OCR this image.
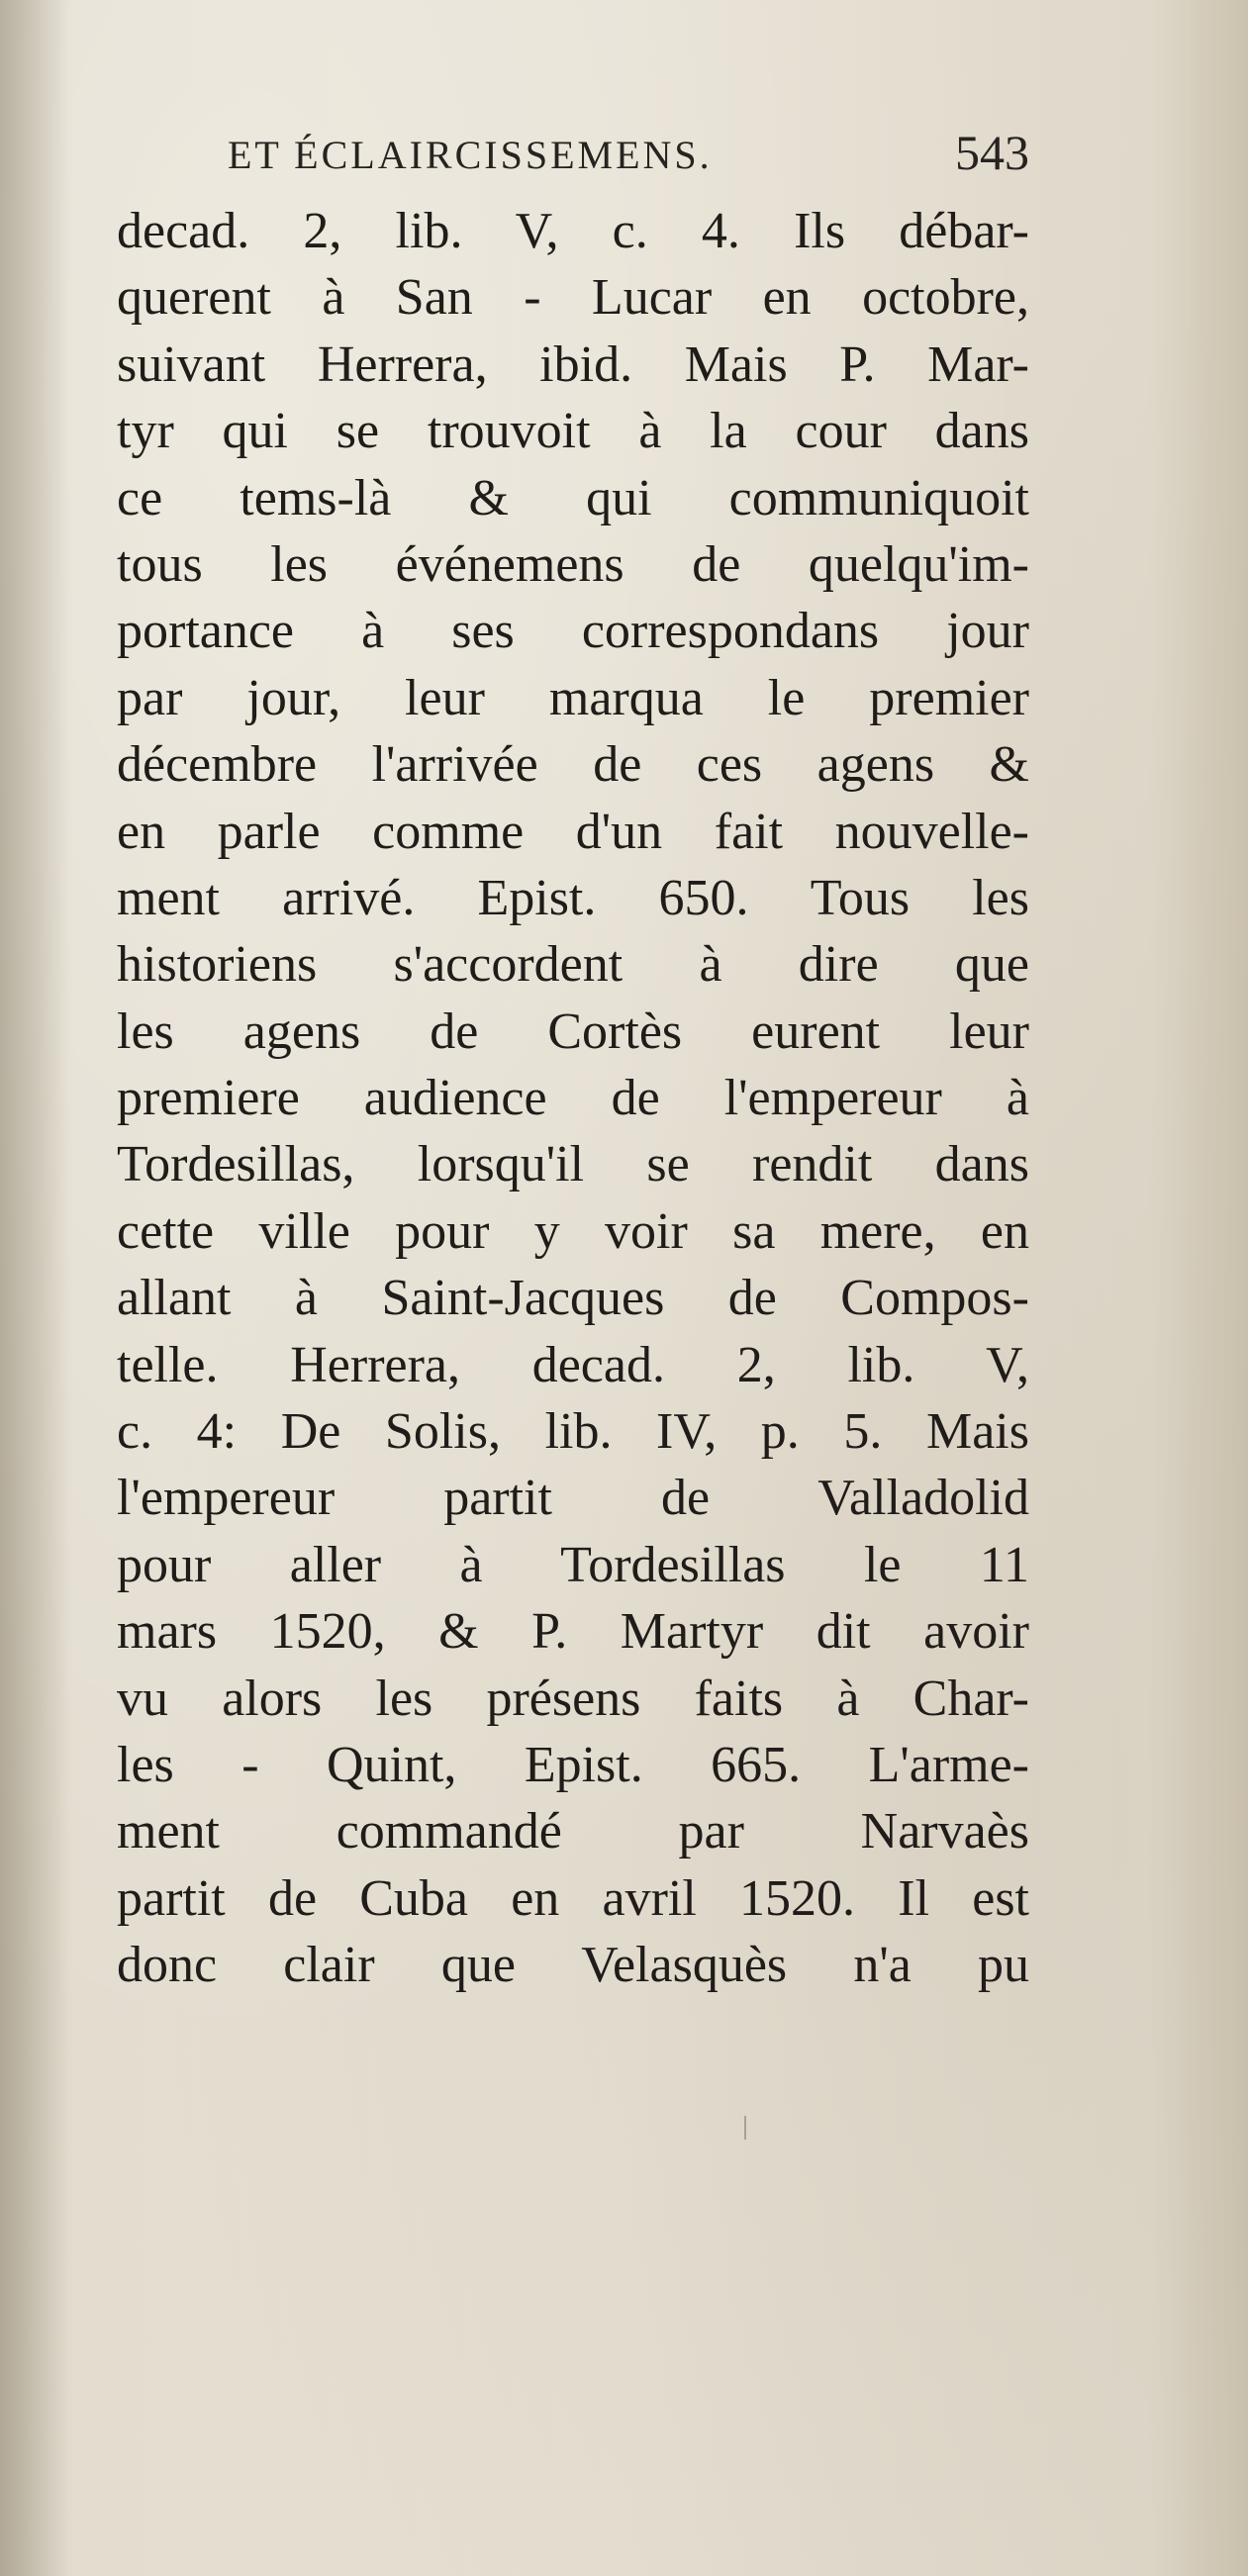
ET ÉCLAIRCISSEMENS.	543
decad. 2, lib. V, c. 4. Ils débar-
querent à San - Lucar en octobre,
suivant Herrera, ibid. Mais P. Mar-
tyr qui se trouvoit à la cour dans
ce tems-là & qui communiquoit
tous les événemens de quelqu'im-
portance à ses correspondans jour
par jour, leur marqua le premier
décembre l'arrivée de ces agens &
en parle comme d'un fait nouvelle-
ment arrivé. Epist. 650. Tous les
historiens s'accordent à dire que
les agens de Cortès eurent leur
premiere audience de l'empereur à
Tordesillas, lorsqu'il se rendit dans
cette ville pour y voir sa mere, en
allant à Saint-Jacques de Compos-
telle. Herrera, decad. 2, lib. V,
c. 4: De Solis, lib. IV, p. 5. Mais
l'empereur partit de Valladolid
pour aller à Tordesillas le 11
mars 1520, & P. Martyr dit avoir
vu alors les présens faits à Char-
les - Quint, Epist. 665. L'arme-
ment commandé par Narvaès
partit de Cuba en avril 1520. Il est
donc clair que Velasquès n'a pu
